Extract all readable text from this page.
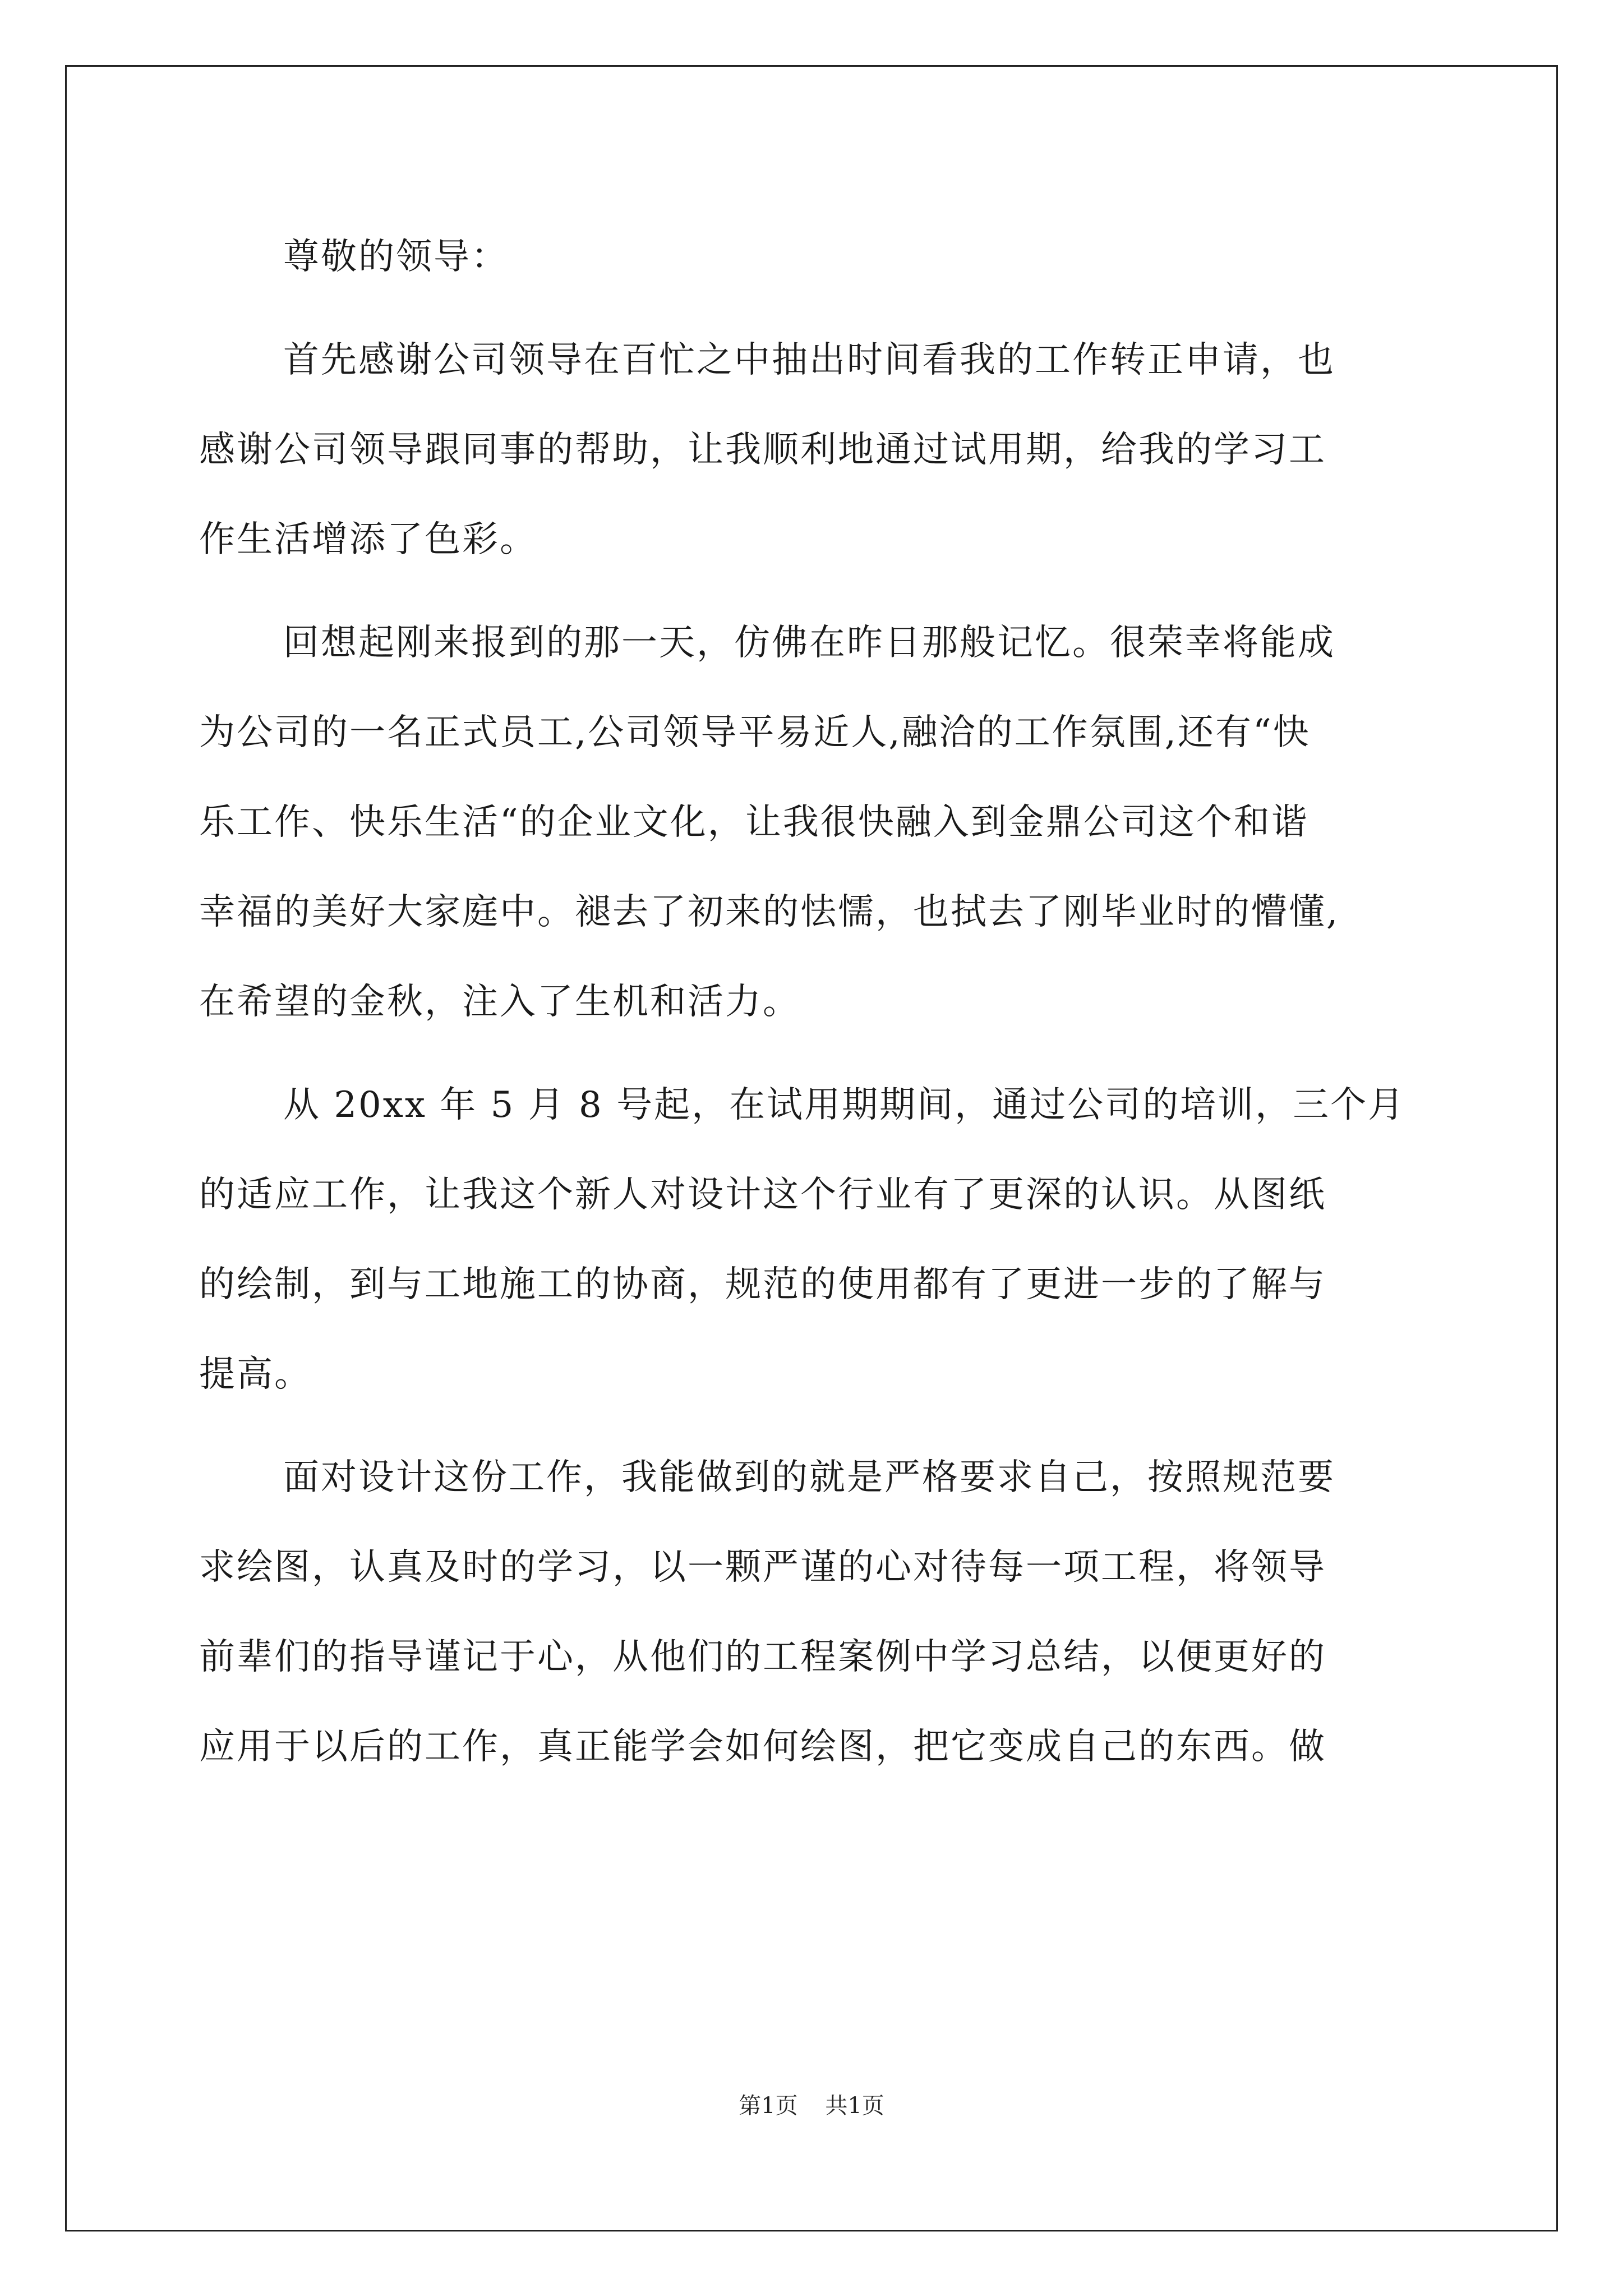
尊敬的领导：
首先感谢公司领导在百忙之中抽出时间看我的工作转正申请，也
感谢公司领导跟同事的帮助，让我顺利地通过试用期，给我的学习工
作生活增添了色彩。
回想起刚来报到的那一天，仿佛在昨日那般记忆。很荣幸将能成
为公司的一名正式员工,公司领导平易近人,融洽的工作氛围,还有“快
乐工作、快乐生活“的企业文化，让我很快融入到金鼎公司这个和谐
幸福的美好大家庭中。褪去了初来的怯懦，也拭去了刚毕业时的懵懂,
在希望的金秋，注入了生机和活力。
从 20xx 年 5 月 8 号起，在试用期期间，通过公司的培训，三个月
的适应工作，让我这个新人对设计这个行业有了更深的认识。从图纸
的绘制，到与工地施工的协商，规范的使用都有了更进一步的了解与
提高。
面对设计这份工作，我能做到的就是严格要求自己，按照规范要
求绘图，认真及时的学习，以一颗严谨的心对待每一项工程，将领导
前辈们的指导谨记于心，从他们的工程案例中学习总结，以便更好的
应用于以后的工作，真正能学会如何绘图，把它变成自己的东西。做
第1页 共1页
